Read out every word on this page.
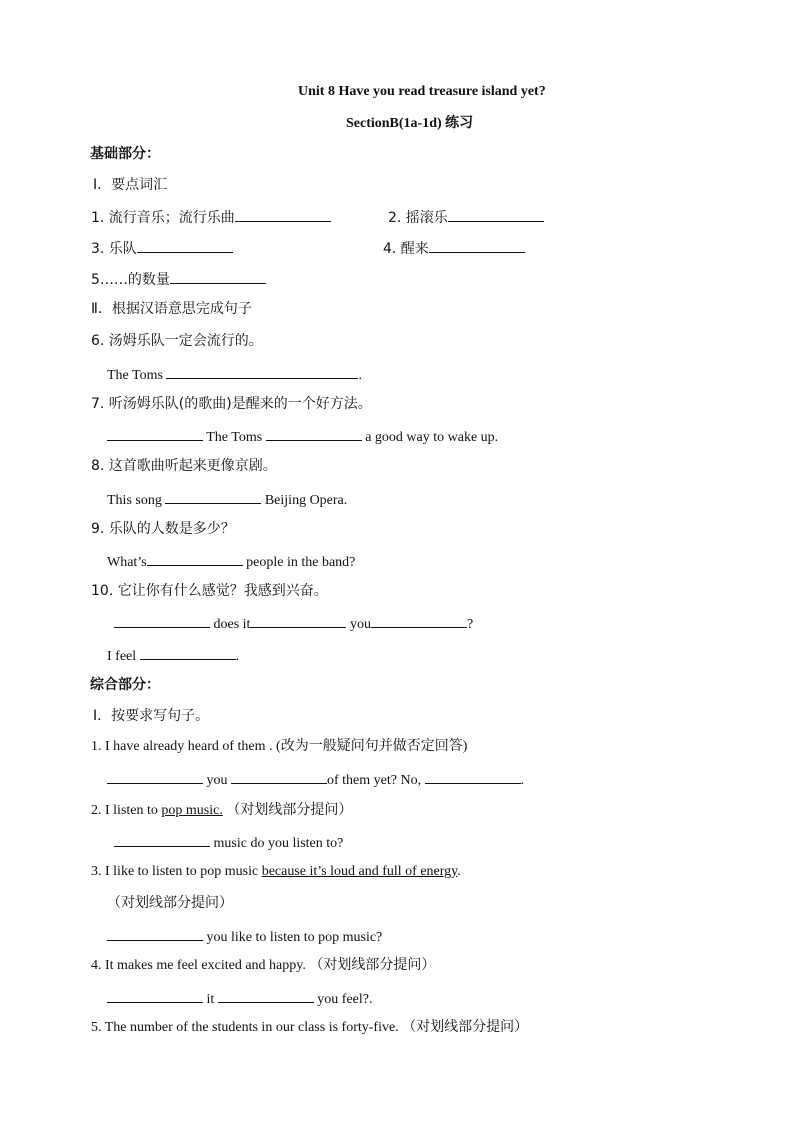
Unit 8 Have you read treasure island yet?
SectionB(1a-1d) 练习
基础部分：
Ⅰ．要点词汇
1. 流行音乐；流行乐曲	2. 摇滚乐
3. 乐队	4. 醒来
5……的数量
Ⅱ．根据汉语意思完成句子
6. 汤姆乐队一定会流行的。
The Toms	.
7. 听汤姆乐队(的歌曲)是醒来的一个好方法。
The Toms	a good way to wake up.
8. 这首歌曲听起来更像京剧。
This song	Beijing Opera.
9. 乐队的人数是多少？
What’s	people in the band?
10. 它让你有什么感觉？我感到兴奋。
does it	you	?
I feel	.
综合部分：
Ⅰ．按要求写句子。
1. I have already heard of them . (改为一般疑问句并做否定回答)
you	of them yet? No,	.
2. I listen to pop music. （对划线部分提问）
music do you listen to?
3. I like to listen to pop music because it’s loud and full of energy.
（对划线部分提问）
you like to listen to pop music?
4. It makes me feel excited and happy. （对划线部分提问）
it	you feel?.
5. The number of the students in our class is forty-five. （对划线部分提问）
